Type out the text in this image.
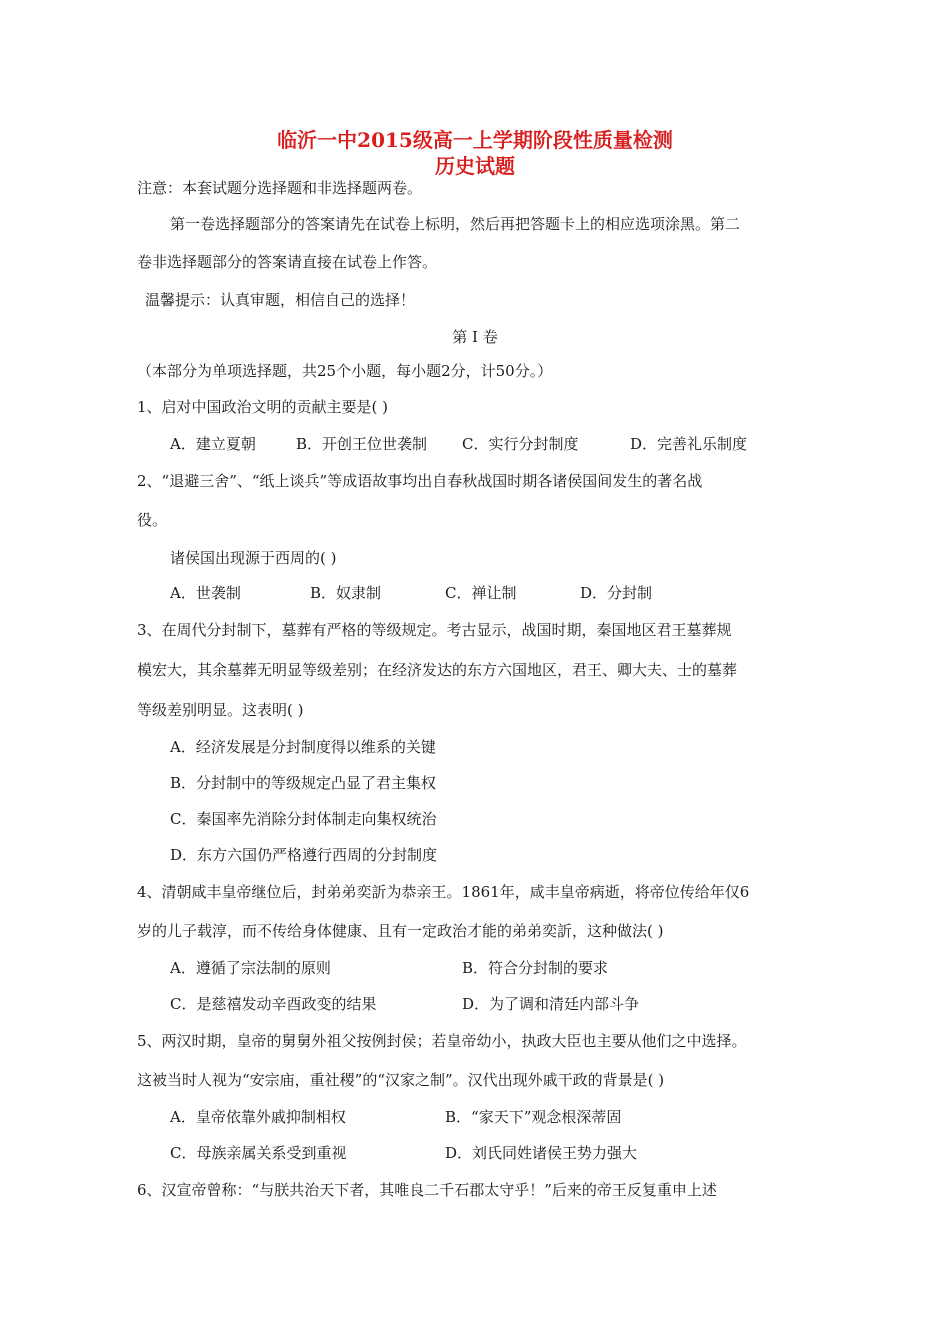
临沂一中2015级高一上学期阶段性质量检测
历史试题
注意：本套试题分选择题和非选择题两卷。
第一卷选择题部分的答案请先在试卷上标明，然后再把答题卡上的相应选项涂黑。第二
卷非选择题部分的答案请直接在试卷上作答。
温馨提示：认真审题，相信自己的选择！
第 Ⅰ 卷
（本部分为单项选择题，共25个小题，每小题2分，计50分。）
1、启对中国政治文明的贡献主要是( )
A．建立夏朝	B．开创王位世袭制 C．实行分封制度	D．完善礼乐制度
2、“退避三舍”、“纸上谈兵”等成语故事均出自春秋战国时期各诸侯国间发生的著名战
役。
诸侯国出现源于西周的( )
A．世袭制	B．奴隶制	C．禅让制	D．分封制
3、在周代分封制下，墓葬有严格的等级规定。考古显示，战国时期，秦国地区君王墓葬规
模宏大，其余墓葬无明显等级差别；在经济发达的东方六国地区，君王、卿大夫、士的墓葬
等级差别明显。这表明( )
A．经济发展是分封制度得以维系的关键
B．分封制中的等级规定凸显了君主集权
C．秦国率先消除分封体制走向集权统治
D．东方六国仍严格遵行西周的分封制度
4、清朝咸丰皇帝继位后，封弟弟奕訢为恭亲王。1861年，咸丰皇帝病逝，将帝位传给年仅6
岁的儿子载淳，而不传给身体健康、且有一定政治才能的弟弟奕訢，这种做法( )
A．遵循了宗法制的原则	B．符合分封制的要求
C．是慈禧发动辛酉政变的结果	D．为了调和清廷内部斗争
5、两汉时期，皇帝的舅舅外祖父按例封侯；若皇帝幼小，执政大臣也主要从他们之中选择。
这被当时人视为“安宗庙，重社稷”的“汉家之制”。汉代出现外戚干政的背景是( )
A．皇帝依靠外戚抑制相权	B．“家天下”观念根深蒂固
C．母族亲属关系受到重视	D．刘氏同姓诸侯王势力强大
6、汉宣帝曾称：“与朕共治天下者，其唯良二千石郡太守乎！”后来的帝王反复重申上述
